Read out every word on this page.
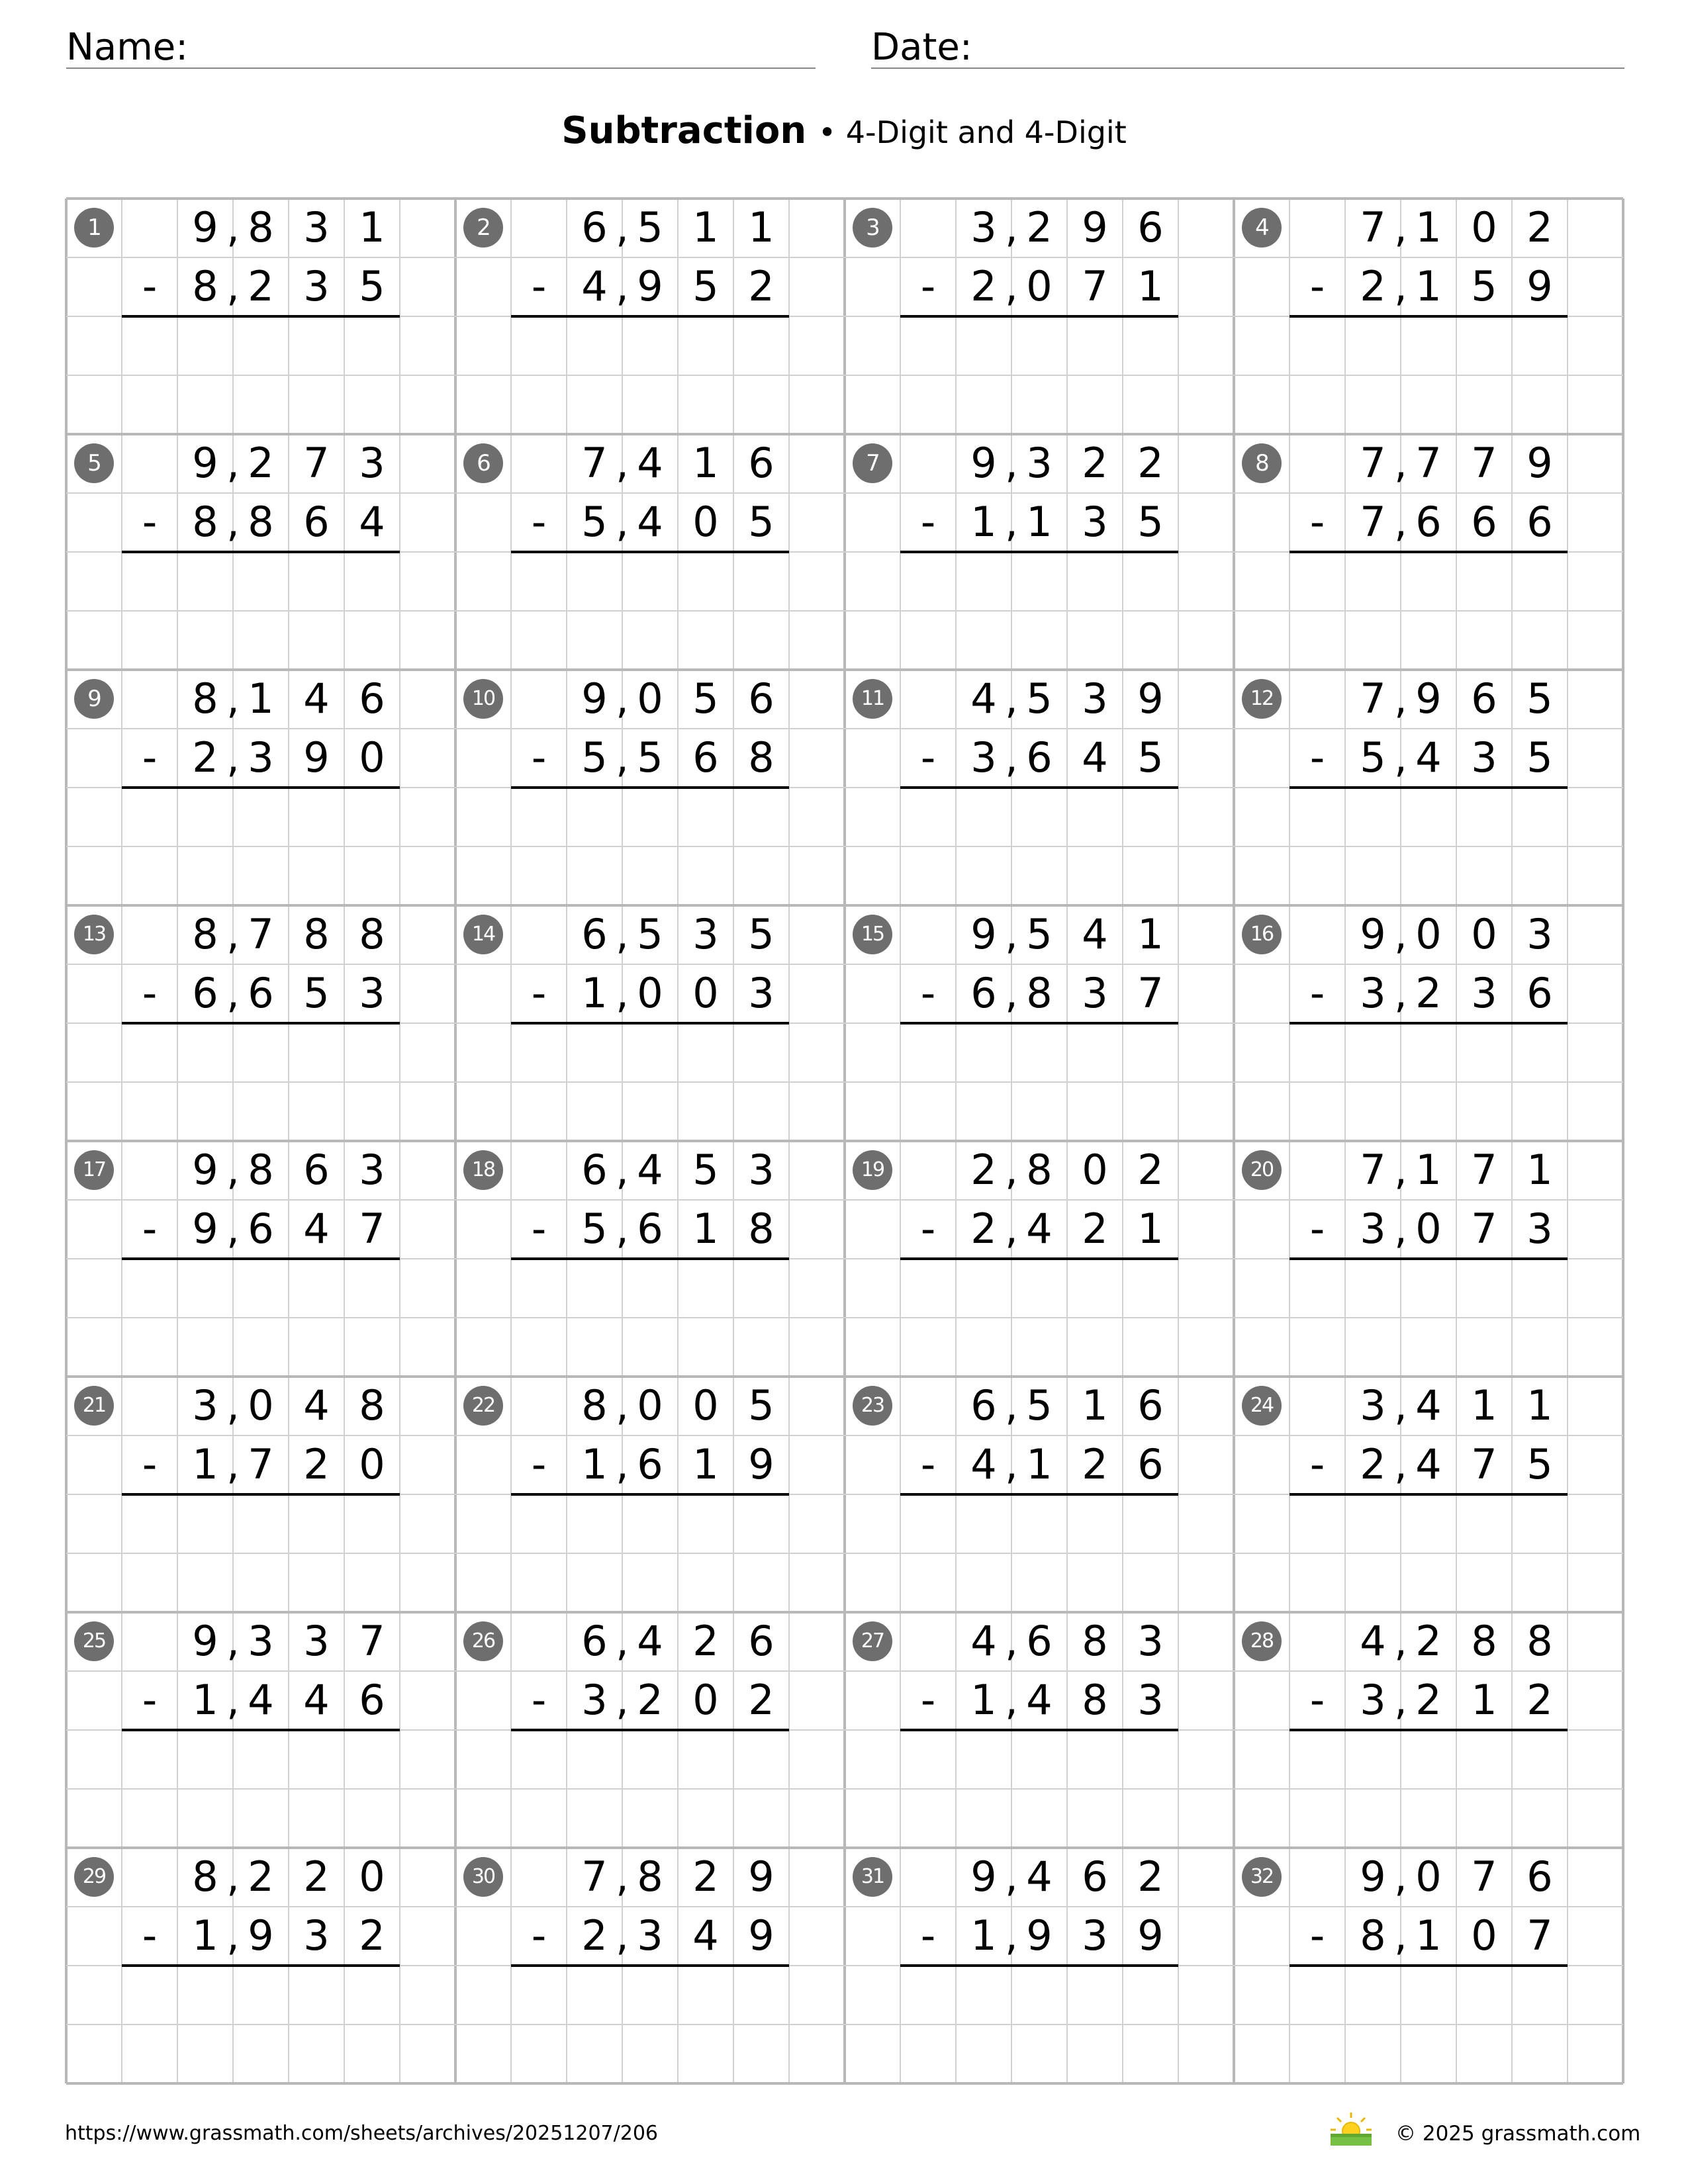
Name:	Date:
Subtraction • 4-Digit and 4-Digit
1	9 8 3 1
,
8 2 3 5
,
-
2	6 5 1 1
,
4 9 5 2
,
-
3	3 2 9 6
,
2 0 7 1
,
-
4	7 1 0 2
,
2 1 5 9
,
-
5	9 2 7 3
,
8 8 6 4
,
-
6	7 4 1 6
,
5 4 0 5
,
-
7	9 3 2 2
,
1 1 3 5
,
-
8	7 7 7 9
,
7 6 6 6
,
-
9	8 1 4 6
,
2 3 9 0
,
-
10	9 0 5 6
,
5 5 6 8
,
-
11	4 5 3 9
,
3 6 4 5
,
-
12	7 9 6 5
,
5 4 3 5
,
-
13	8 7 8 8
,
6 6 5 3
,
-
14	6 5 3 5
,
1 0 0 3
,
-
15	9 5 4 1
,
6 8 3 7
,
-
16	9 0 0 3
,
3 2 3 6
,
-
17	9 8 6 3
,
9 6 4 7
,
-
18	6 4 5 3
,
5 6 1 8
,
-
19	2 8 0 2
,
2 4 2 1
,
-
20	7 1 7 1
,
3 0 7 3
,
-
21	3 0 4 8
,
1 7 2 0
,
-
22	8 0 0 5
,
1 6 1 9
,
-
23	6 5 1 6
,
4 1 2 6
,
-
24	3 4 1 1
,
2 4 7 5
,
-
25	9 3 3 7
,
1 4 4 6
,
-
26	6 4 2 6
,
3 2 0 2
,
-
27	4 6 8 3
,
1 4 8 3
,
-
28	4 2 8 8
,
3 2 1 2
,
-
29	8 2 2 0
,
1 9 3 2
,
-
30	7 8 2 9
,
2 3 4 9
,
-
31	9 4 6 2
,
1 9 3 9
,
-
32	9 0 7 6
,
8 1 0 7
,
-
https://www.grassmath.com/sheets/archives/20251207/206	© 2025 grassmath.com
